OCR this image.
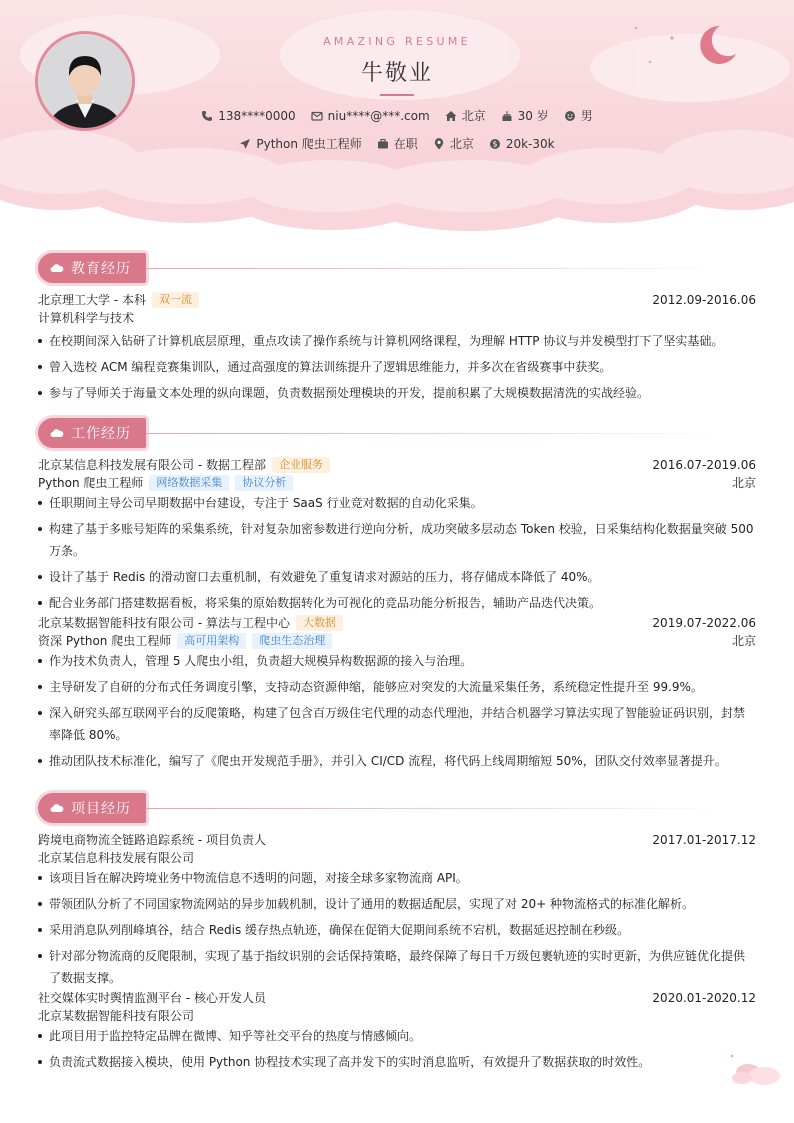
AMAZING RESUME
牛敬业
138****0000	niu****@***.com	北京	30 岁	男
Python 爬虫工程师	在职	北京 $ 20k-30k
教育经历
北京理工大学 - 本科	双一流	2012.09-2016.06
计算机科学与技术
在校期间深入钻研了计算机底层原理，重点攻读了操作系统与计算机网络课程，为理解 HTTP 协议与并发模型打下了坚实基础。
曾入选校 ACM 编程竞赛集训队，通过高强度的算法训练提升了逻辑思维能力，并多次在省级赛事中获奖。
参与了导师关于海量文本处理的纵向课题，负责数据预处理模块的开发，提前积累了大规模数据清洗的实战经验。
工作经历
北京某信息科技发展有限公司 - 数据工程部	企业服务	2016.07-2019.06
Python 爬虫工程师	网络数据采集	协议分析	北京
任职期间主导公司早期数据中台建设，专注于 SaaS 行业竞对数据的自动化采集。
构建了基于多账号矩阵的采集系统，针对复杂加密参数进行逆向分析，成功突破多层动态 Token 校验，日采集结构化数据量突破 500 万条。
设计了基于 Redis 的滑动窗口去重机制，有效避免了重复请求对源站的压力，将存储成本降低了 40%。
配合业务部门搭建数据看板，将采集的原始数据转化为可视化的竞品功能分析报告，辅助产品迭代决策。
北京某数据智能科技有限公司 - 算法与工程中心	大数据	2019.07-2022.06
资深 Python 爬虫工程师	高可用架构	爬虫生态治理	北京
作为技术负责人，管理 5 人爬虫小组，负责超大规模异构数据源的接入与治理。
主导研发了自研的分布式任务调度引擎，支持动态资源伸缩，能够应对突发的大流量采集任务，系统稳定性提升至 99.9%。
深入研究头部互联网平台的反爬策略，构建了包含百万级住宅代理的动态代理池，并结合机器学习算法实现了智能验证码识别，封禁率降低 80%。
推动团队技术标准化，编写了《爬虫开发规范手册》，并引入 CI/CD 流程，将代码上线周期缩短 50%，团队交付效率显著提升。
项目经历
跨境电商物流全链路追踪系统 - 项目负责人	2017.01-2017.12
北京某信息科技发展有限公司
该项目旨在解决跨境业务中物流信息不透明的问题，对接全球多家物流商 API。
带领团队分析了不同国家物流网站的异步加载机制，设计了通用的数据适配层，实现了对 20+ 种物流格式的标准化解析。
采用消息队列削峰填谷，结合 Redis 缓存热点轨迹，确保在促销大促期间系统不宕机，数据延迟控制在秒级。
针对部分物流商的反爬限制，实现了基于指纹识别的会话保持策略，最终保障了每日千万级包裹轨迹的实时更新，为供应链优化提供了数据支撑。
社交媒体实时舆情监测平台 - 核心开发人员	2020.01-2020.12
北京某数据智能科技有限公司
此项目用于监控特定品牌在微博、知乎等社交平台的热度与情感倾向。
负责流式数据接入模块，使用 Python 协程技术实现了高并发下的实时消息监听，有效提升了数据获取的时效性。
